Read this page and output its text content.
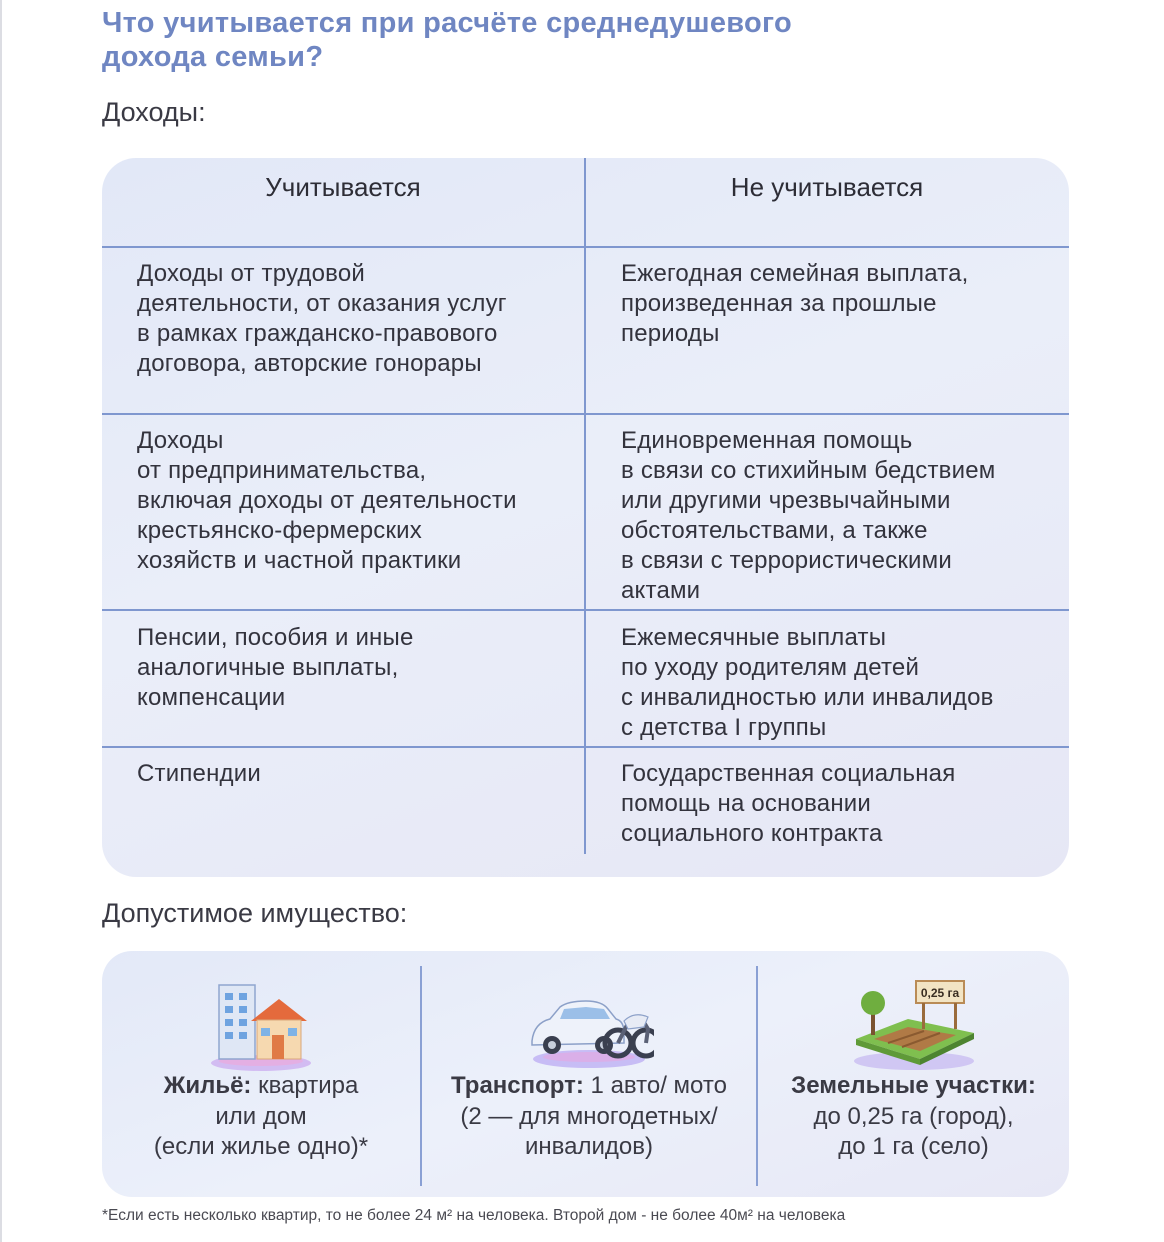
Что учитывается при расчёте среднедушевого
дохода семьи?
Доходы:
Учитывается	Не учитывается
Доходы от трудовой
деятельности, от оказания услуг
в рамках гражданско-правового
договора, авторские гонорары
Ежегодная семейная выплата,
произведенная за прошлые
периоды
Доходы
от предпринимательства,
включая доходы от деятельности
крестьянско-фермерских
хозяйств и частной практики
Единовременная помощь
в связи со стихийным бедствием
или другими чрезвычайными
обстоятельствами, а также
в связи с террористическими
актами
Пенсии, пособия и иные
аналогичные выплаты,
компенсации
Ежемесячные выплаты
по уходу родителям детей
с инвалидностью или инвалидов
с детства I группы
Стипендии	Государственная социальная
помощь на основании
социального контракта
Допустимое имущество:
Жильё: квартира
или дом
(если жилье одно)*
Транспорт: 1 авто/ мото
(2 — для многодетных/
инвалидов)
0,25 га
Земельные участки:
до 0,25 га (город),
до 1 га (село)
*Если есть несколько квартир, то не более 24 м² на человека. Второй дом - не более 40м² на человека
